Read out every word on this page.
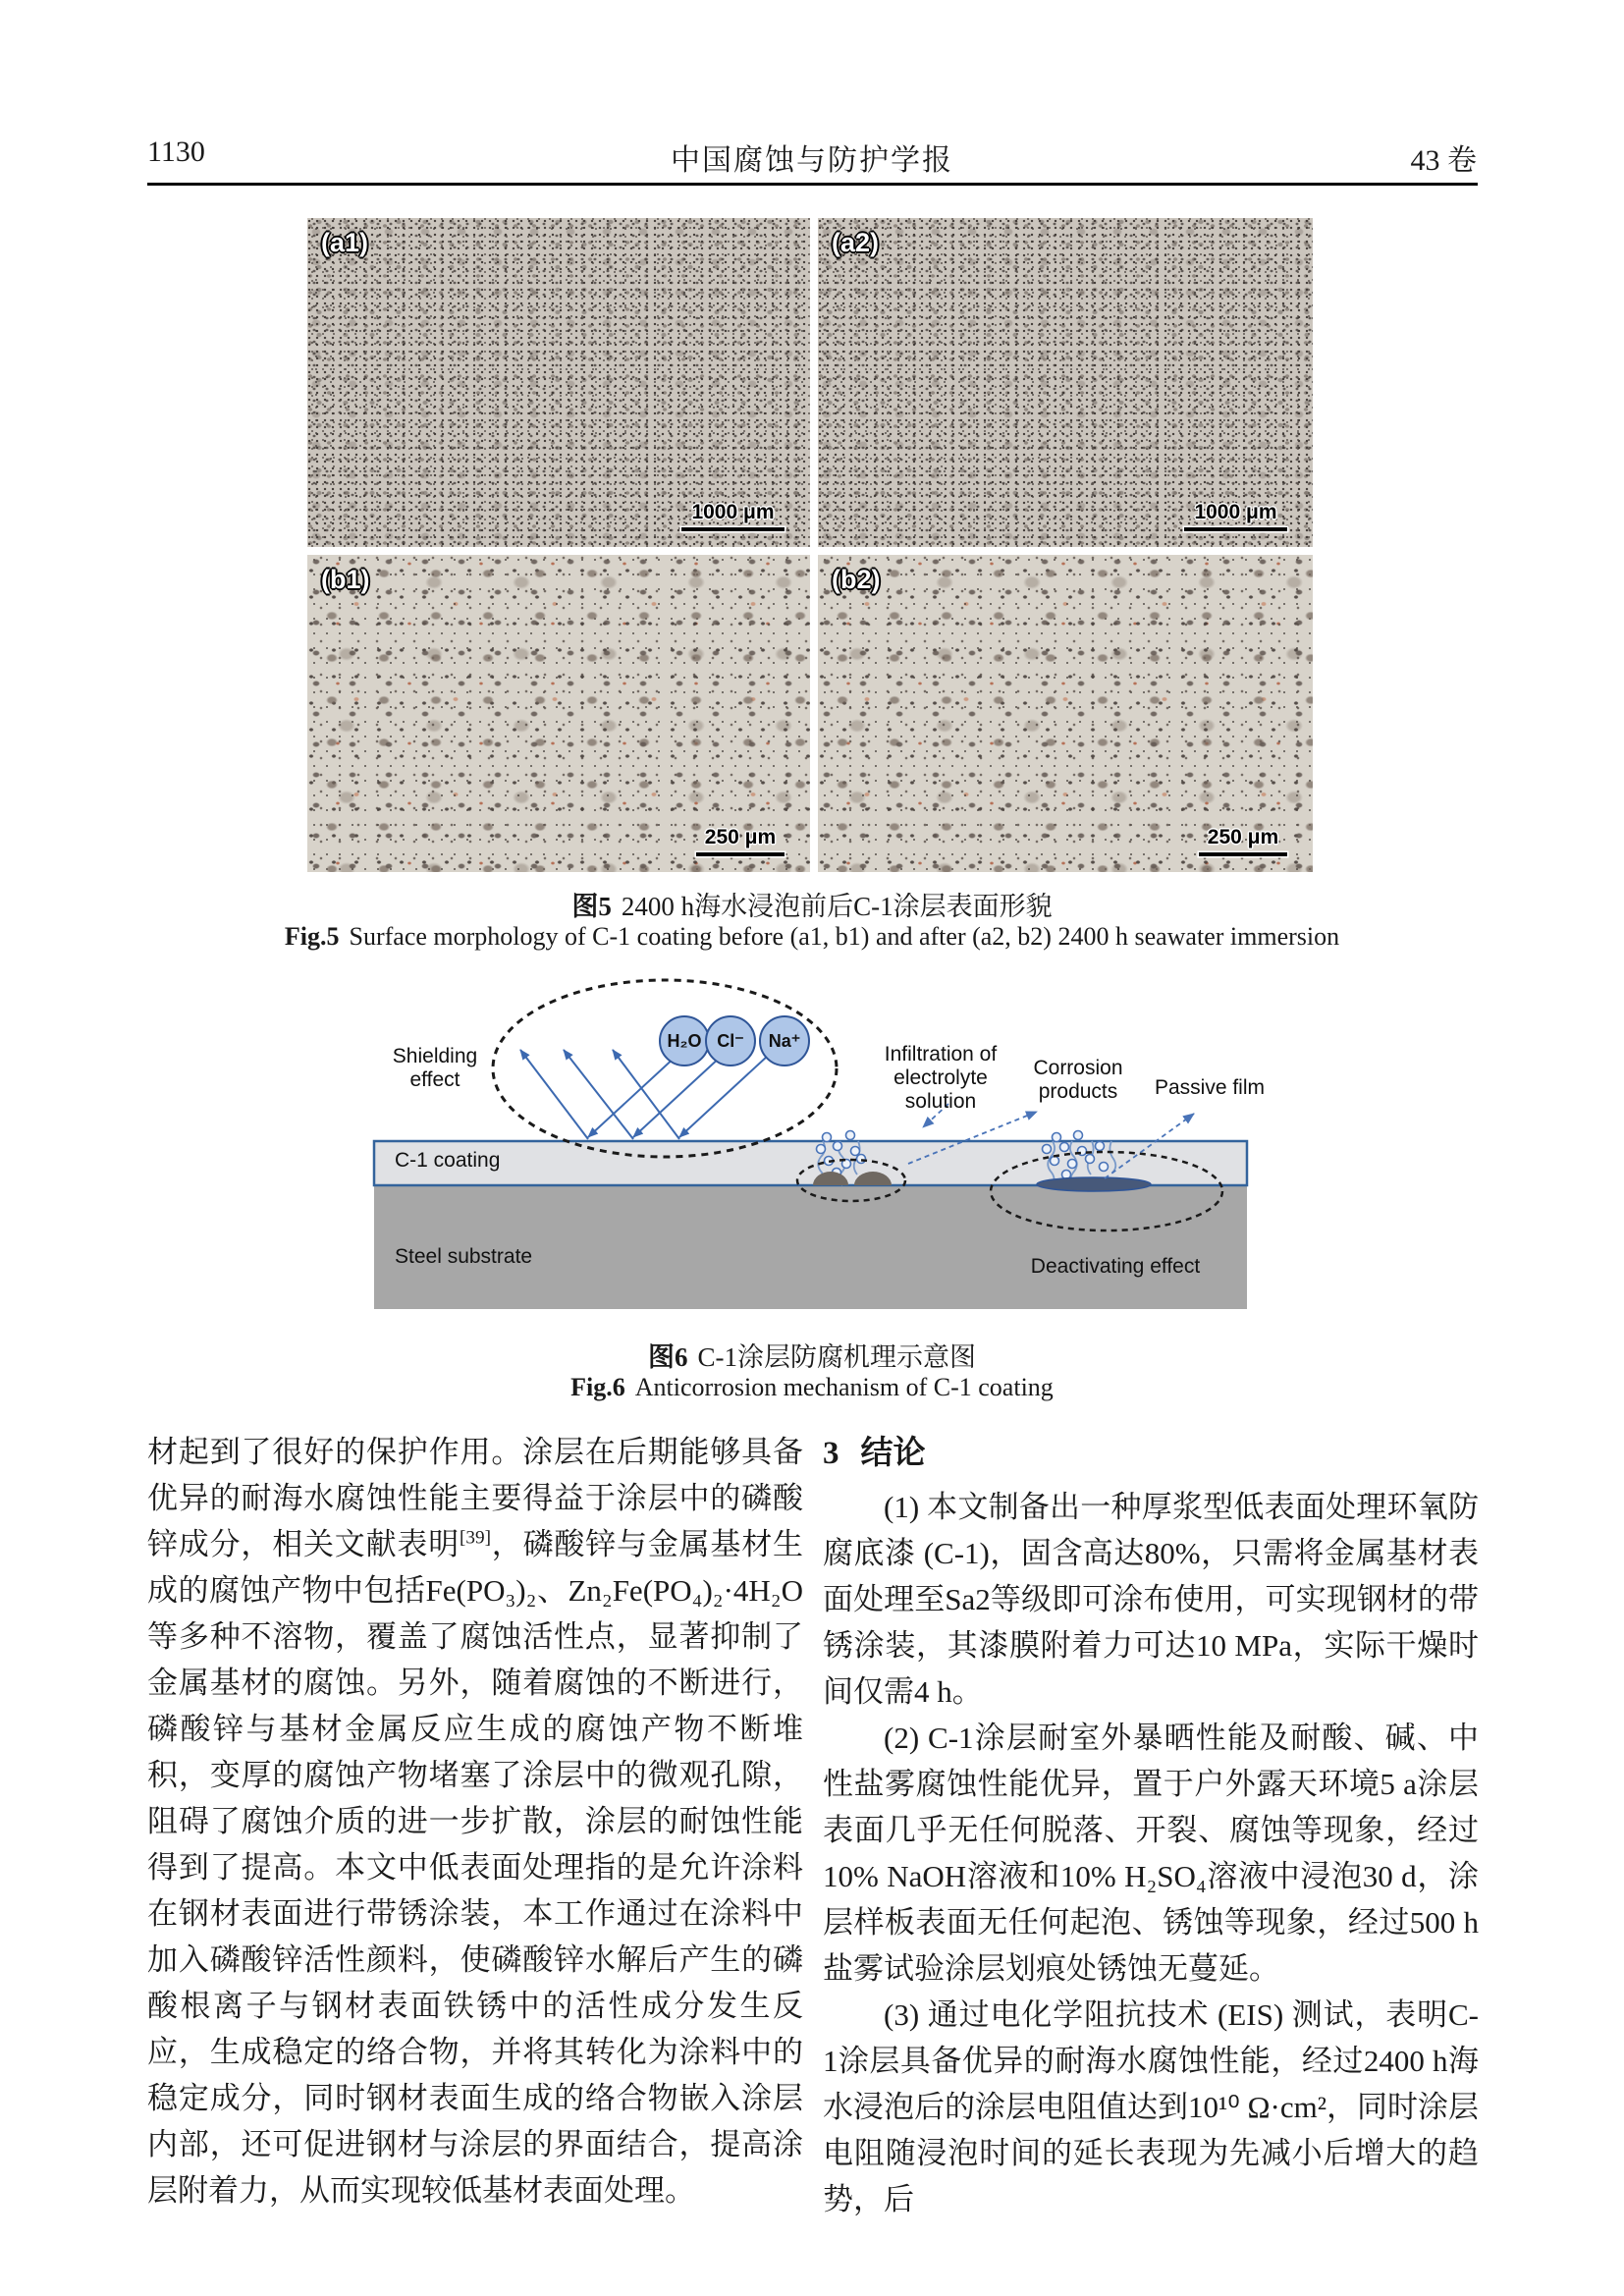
1130	中国腐蚀与防护学报	43 卷
(a1)
1000 μm
(a2)
1000 μm
(b1)
250 μm
(b2)
250 μm
图5 2400 h海水浸泡前后C-1涂层表面形貌
Fig.5 Surface morphology of C-1 coating before (a1, b1) and after (a2, b2) 2400 h seawater immersion
H₂O Cl⁻	Na⁺
Shielding effect
Infiltration of electrolyte solution
Corrosion products	Passive film
C-1 coating
Steel substrate	Deactivating effect
图6 C-1涂层防腐机理示意图
Fig.6 Anticorrosion mechanism of C-1 coating

材起到了很好的保护作用。涂层在后期能够具备优异的耐海水腐蚀性能主要得益于涂层中的磷酸锌成分，相关文献表明[39]，磷酸锌与金属基材生成的腐蚀产物中包括Fe(PO₃)₂、Zn₂Fe(PO₄)₂·4H₂O等多种不溶物，覆盖了腐蚀活性点，显著抑制了金属基材的腐蚀。另外，随着腐蚀的不断进行，磷酸锌与基材金属反应生成的腐蚀产物不断堆积，变厚的腐蚀产物堵塞了涂层中的微观孔隙，阻碍了腐蚀介质的进一步扩散，涂层的耐蚀性能得到了提高。本文中低表面处理指的是允许涂料在钢材表面进行带锈涂装，本工作通过在涂料中加入磷酸锌活性颜料，使磷酸锌水解后产生的磷酸根离子与钢材表面铁锈中的活性成分发生反应，生成稳定的络合物，并将其转化为涂料中的稳定成分，同时钢材表面生成的络合物嵌入涂层内部，还可促进钢材与涂层的界面结合，提高涂层附着力，从而实现较低基材表面处理。

3 结论

(1) 本文制备出一种厚浆型低表面处理环氧防腐底漆 (C-1)，固含高达80%，只需将金属基材表面处理至Sa2等级即可涂布使用，可实现钢材的带锈涂装，其漆膜附着力可达10 MPa，实际干燥时间仅需4 h。

(2) C-1涂层耐室外暴晒性能及耐酸、碱、中性盐雾腐蚀性能优异，置于户外露天环境5 a涂层表面几乎无任何脱落、开裂、腐蚀等现象，经过10% NaOH溶液和10% H₂SO₄溶液中浸泡30 d，涂层样板表面无任何起泡、锈蚀等现象，经过500 h盐雾试验涂层划痕处锈蚀无蔓延。

(3) 通过电化学阻抗技术 (EIS) 测试，表明C-1涂层具备优异的耐海水腐蚀性能，经过2400 h海水浸泡后的涂层电阻值达到10¹⁰ Ω·cm²，同时涂层电阻随浸泡时间的延长表现为先减小后增大的趋势，后
